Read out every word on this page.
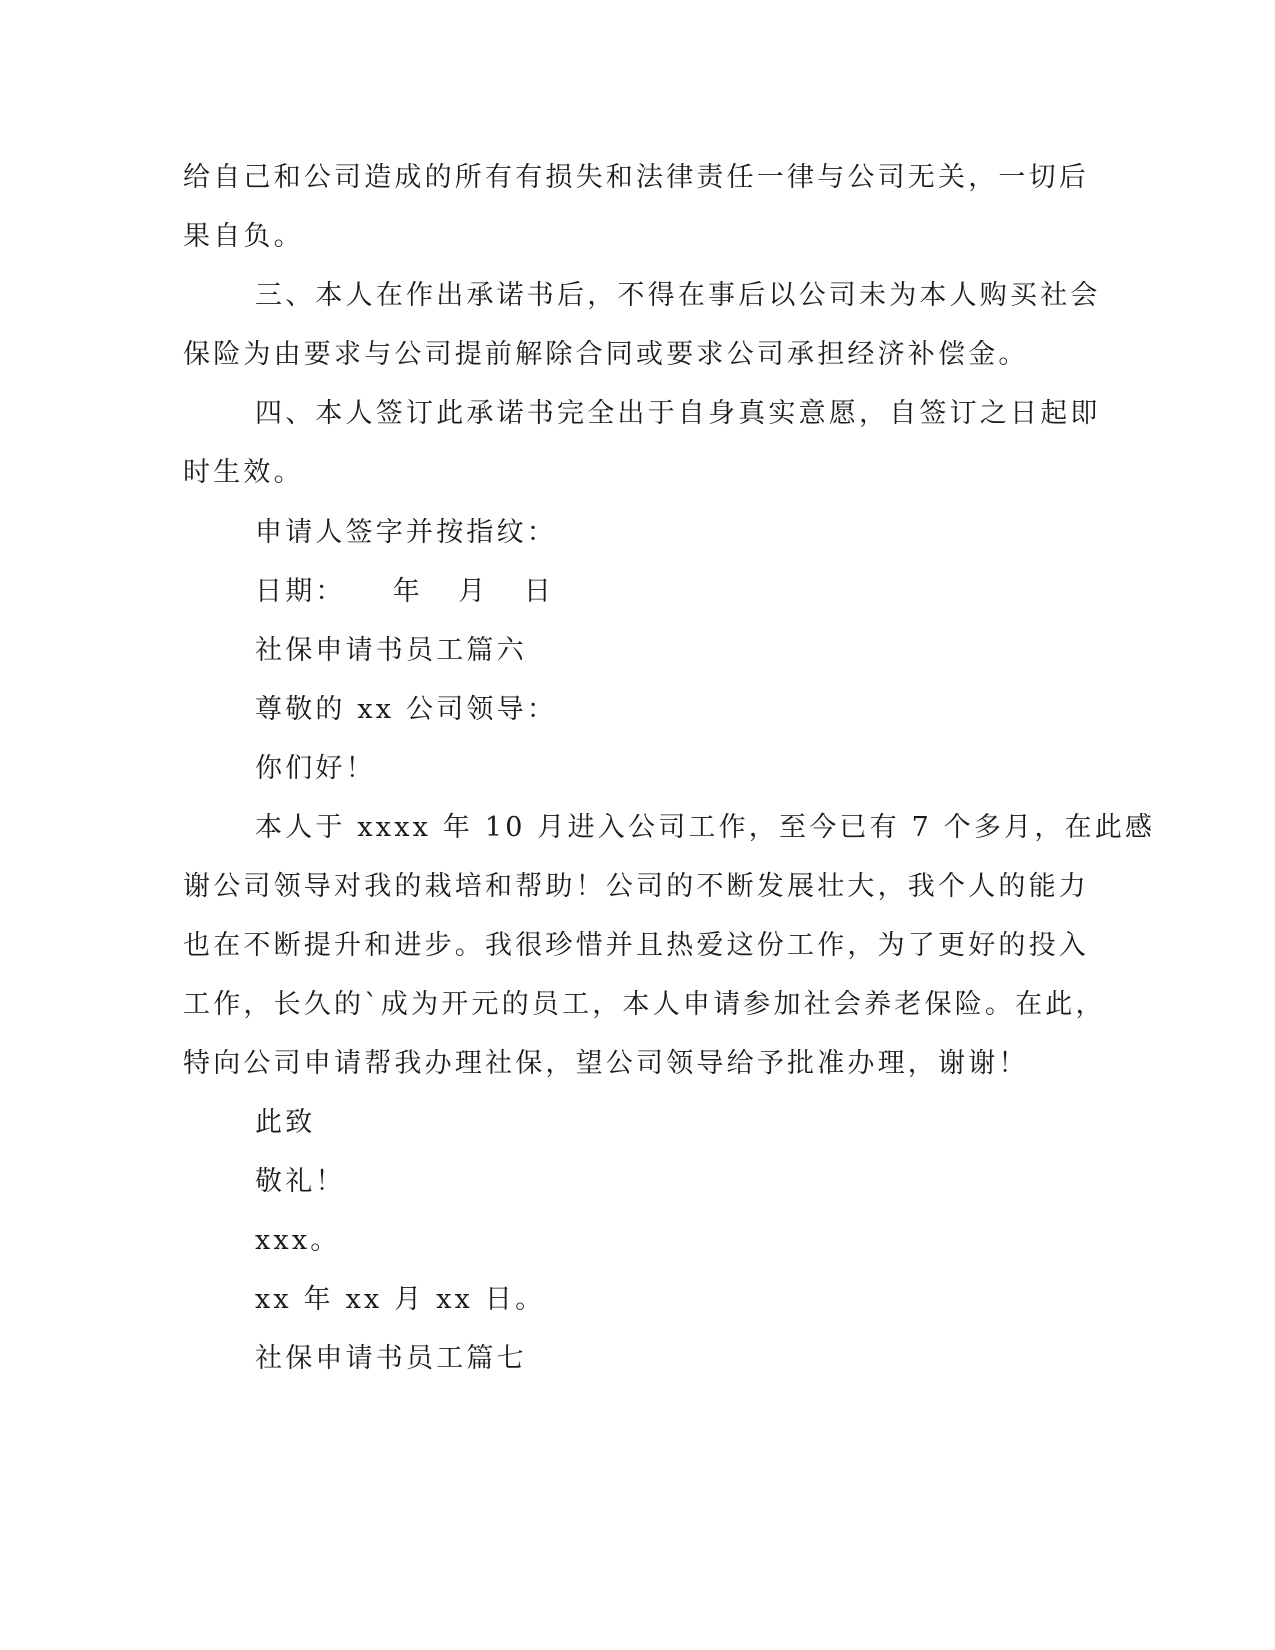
给自己和公司造成的所有有损失和法律责任一律与公司无关，一切后
果自负。
三、本人在作出承诺书后，不得在事后以公司未为本人购买社会
保险为由要求与公司提前解除合同或要求公司承担经济补偿金。
四、本人签订此承诺书完全出于自身真实意愿，自签订之日起即
时生效。
申请人签字并按指纹：
日期：    年   月   日
社保申请书员工篇六
尊敬的 xx 公司领导：
你们好！
本人于 xxxx 年 10 月进入公司工作，至今已有 7 个多月，在此感
谢公司领导对我的栽培和帮助！公司的不断发展壮大，我个人的能力
也在不断提升和进步。我很珍惜并且热爱这份工作，为了更好的投入
工作，长久的`成为开元的员工，本人申请参加社会养老保险。在此，
特向公司申请帮我办理社保，望公司领导给予批准办理，谢谢！
此致
敬礼！
xxx。
xx 年 xx 月 xx 日。
社保申请书员工篇七
